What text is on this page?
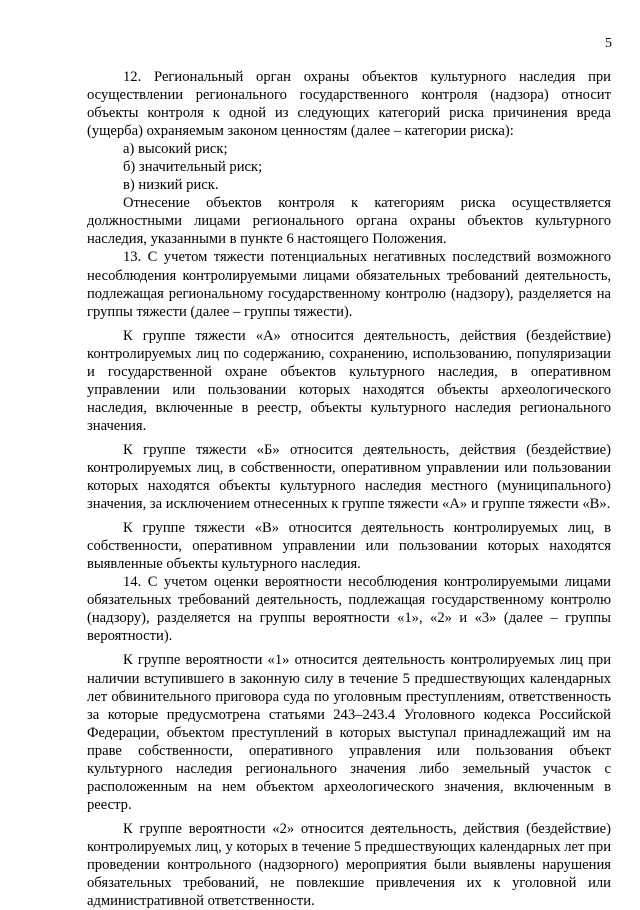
5

12. Региональный орган охраны объектов культурного наследия при осуществлении регионального государственного контроля (надзора) относит объекты контроля к одной из следующих категорий риска причинения вреда (ущерба) охраняемым законом ценностям (далее – категории риска):

а) высокий риск;

б) значительный риск;

в) низкий риск.

Отнесение объектов контроля к категориям риска осуществляется должностными лицами регионального органа охраны объектов культурного наследия, указанными в пункте 6 настоящего Положения.

13. С учетом тяжести потенциальных негативных последствий возможного несоблюдения контролируемыми лицами обязательных требований деятельность, подлежащая региональному государственному контролю (надзору), разделяется на группы тяжести (далее – группы тяжести).

К группе тяжести «А» относится деятельность, действия (бездействие) контролируемых лиц по содержанию, сохранению, использованию, популяризации и государственной охране объектов культурного наследия, в оперативном управлении или пользовании которых находятся объекты археологического наследия, включенные в реестр, объекты культурного наследия регионального значения.

К группе тяжести «Б» относится деятельность, действия (бездействие) контролируемых лиц, в собственности, оперативном управлении или пользовании которых находятся объекты культурного наследия местного (муниципального) значения, за исключением отнесенных к группе тяжести «А» и группе тяжести «В».

К группе тяжести «В» относится деятельность контролируемых лиц, в собственности, оперативном управлении или пользовании которых находятся выявленные объекты культурного наследия.

14. С учетом оценки вероятности несоблюдения контролируемыми лицами обязательных требований деятельность, подлежащая государственному контролю (надзору), разделяется на группы вероятности «1», «2» и «3» (далее – группы вероятности).

К группе вероятности «1» относится деятельность контролируемых лиц при наличии вступившего в законную силу в течение 5 предшествующих календарных лет обвинительного приговора суда по уголовным преступлениям, ответственность за которые предусмотрена статьями 243–243.4 Уголовного кодекса Российской Федерации, объектом преступлений в которых выступал принадлежащий им на праве собственности, оперативного управления или пользования объект культурного наследия регионального значения либо земельный участок с расположенным на нем объектом археологического значения, включенным в реестр.

К группе вероятности «2» относится деятельность, действия (бездействие) контролируемых лиц, у которых в течение 5 предшествующих календарных лет при проведении контрольного (надзорного) мероприятия были выявлены нарушения обязательных требований, не повлекшие привлечения их к уголовной или административной ответственности.
